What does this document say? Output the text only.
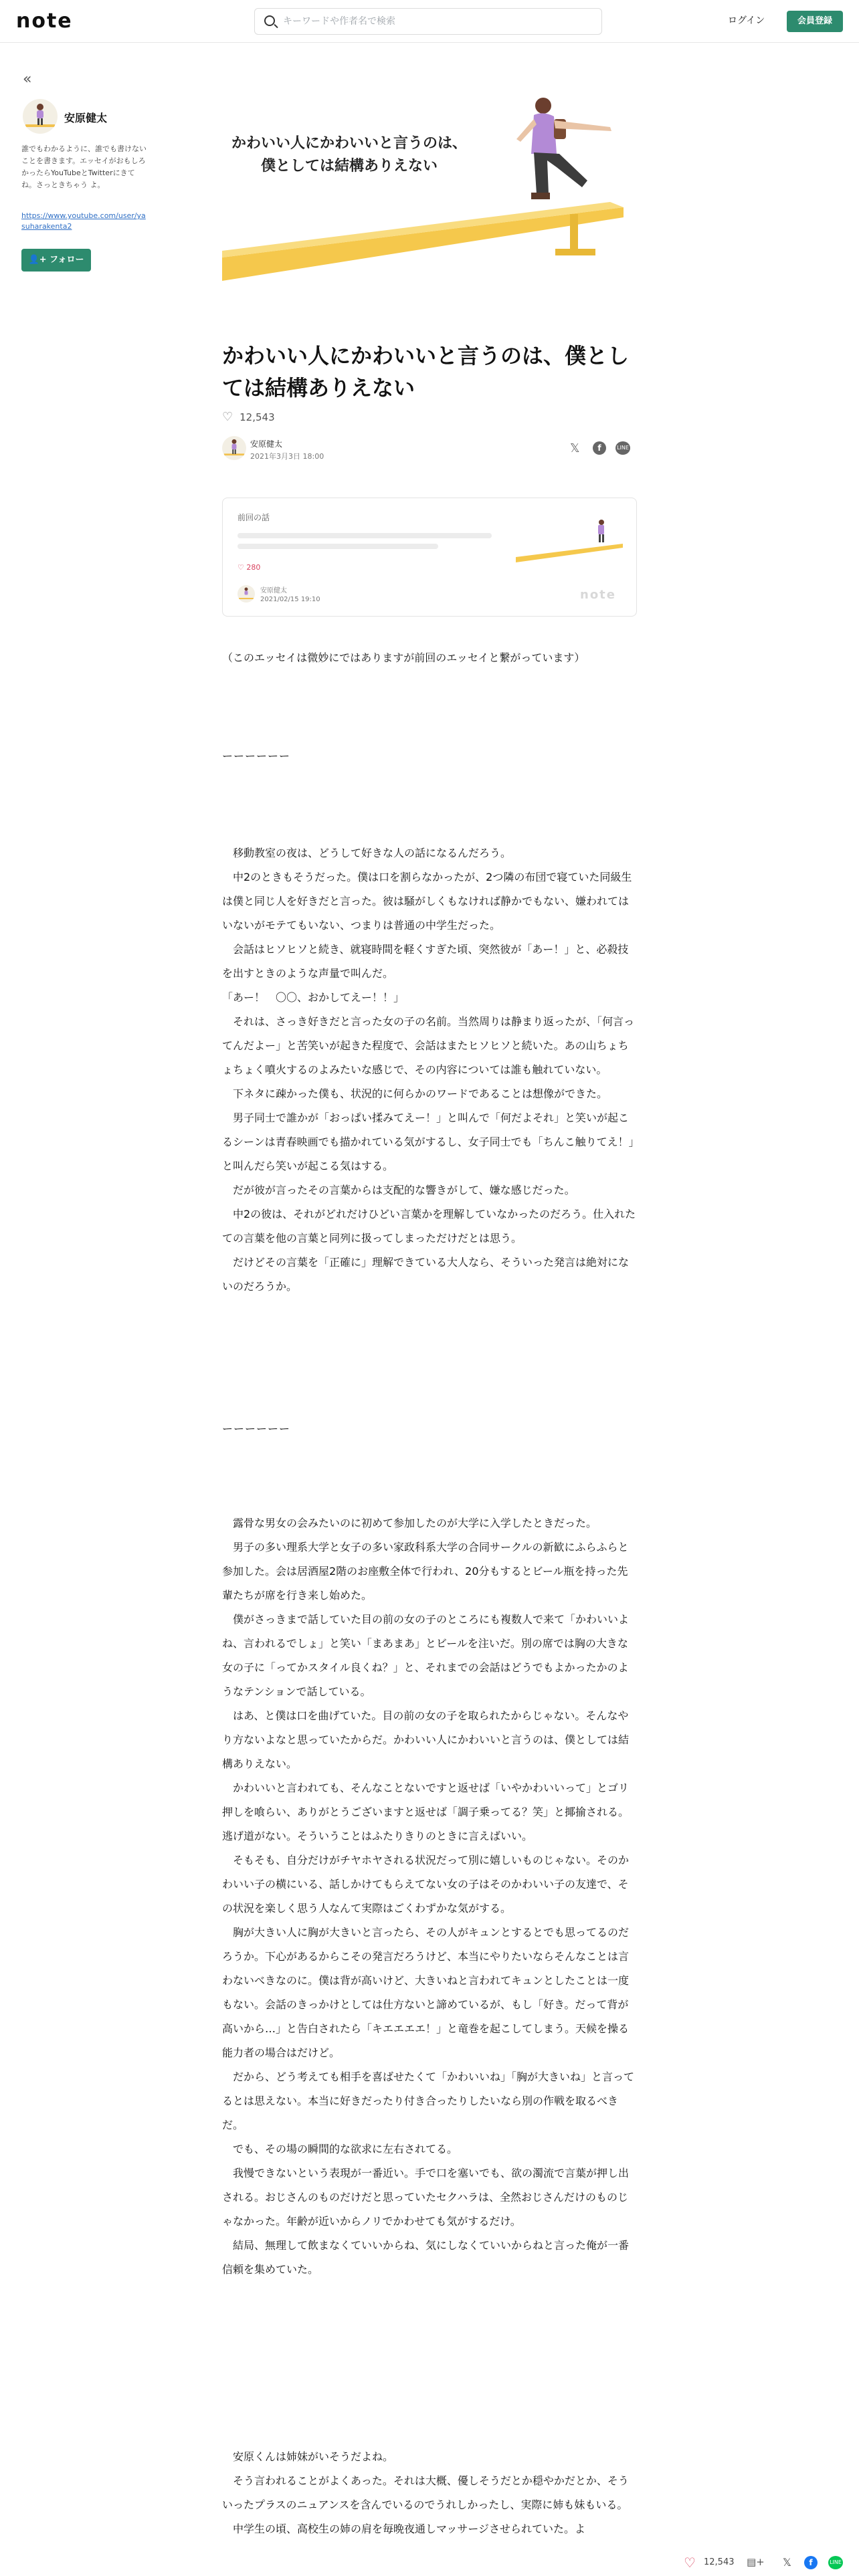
note
キーワードや作者名で検索	ログイン	会員登録
«
安原健太
誰でもわかるように、誰でも書けないことを書きます。エッセイがおもしろかったらYouTubeとTwitterにきてね。さっときちゃう よ。
https://www.youtube.com/user/yasuharakenta2
👤+ フォロー
かわいい人にかわいいと言うのは、
僕としては結構ありえない
かわいい人にかわいいと言うのは、僕としては結構ありえない
♡ 12,543
安原健太
2021年3月3日 18:00
𝕏	f	LINE
前回の話
♡ 280
安原健太
2021/02/15 19:10	note
（このエッセイは微妙にではありますが前回のエッセイと繋がっています）
ーーーーーー
　移動教室の夜は、どうして好きな人の話になるんだろう。
　中2のときもそうだった。僕は口を割らなかったが、2つ隣の布団で寝ていた同級生は僕と同じ人を好きだと言った。彼は騒がしくもなければ静かでもない、嫌われてはいないがモテてもいない、つまりは普通の中学生だった。
　会話はヒソヒソと続き、就寝時間を軽くすぎた頃、突然彼が「あー！」と、必殺技を出すときのような声量で叫んだ。
「あー！　〇〇、おかしてえー！！」
　それは、さっき好きだと言った女の子の名前。当然周りは静まり返ったが、「何言ってんだよー」と苦笑いが起きた程度で、会話はまたヒソヒソと続いた。あの山ちょちょちょく噴火するのよみたいな感じで、その内容については誰も触れていない。
　下ネタに疎かった僕も、状況的に何らかのワードであることは想像ができた。
　男子同士で誰かが「おっぱい揉みてえー！」と叫んで「何だよそれ」と笑いが起こるシーンは青春映画でも描かれている気がするし、女子同士でも「ちんこ触りてえ！」と叫んだら笑いが起こる気はする。
　だが彼が言ったその言葉からは支配的な響きがして、嫌な感じだった。
　中2の彼は、それがどれだけひどい言葉かを理解していなかったのだろう。仕入れたての言葉を他の言葉と同列に扱ってしまっただけだとは思う。
　だけどその言葉を「正確に」理解できている大人なら、そういった発言は絶対にないのだろうか。
ーーーーーー
　露骨な男女の会みたいのに初めて参加したのが大学に入学したときだった。
　男子の多い理系大学と女子の多い家政科系大学の合同サークルの新歓にふらふらと参加した。会は居酒屋2階のお座敷全体で行われ、20分もするとビール瓶を持った先輩たちが席を行き来し始めた。
　僕がさっきまで話していた目の前の女の子のところにも複数人で来て「かわいいよね、言われるでしょ」と笑い「まあまあ」とビールを注いだ。別の席では胸の大きな女の子に「ってかスタイル良くね？」と、それまでの会話はどうでもよかったかのようなテンションで話している。
　はあ、と僕は口を曲げていた。目の前の女の子を取られたからじゃない。そんなやり方ないよなと思っていたからだ。かわいい人にかわいいと言うのは、僕としては結構ありえない。
　かわいいと言われても、そんなことないですと返せば「いやかわいいって」とゴリ押しを喰らい、ありがとうございますと返せば「調子乗ってる？笑」と揶揄される。逃げ道がない。そういうことはふたりきりのときに言えばいい。
　そもそも、自分だけがチヤホヤされる状況だって別に嬉しいものじゃない。そのかわいい子の横にいる、話しかけてもらえてない女の子はそのかわいい子の友達で、その状況を楽しく思う人なんて実際はごくわずかな気がする。
　胸が大きい人に胸が大きいと言ったら、その人がキュンとするとでも思ってるのだろうか。下心があるからこその発言だろうけど、本当にやりたいならそんなことは言わないべきなのに。僕は背が高いけど、大きいねと言われてキュンとしたことは一度もない。会話のきっかけとしては仕方ないと諦めているが、もし「好き。だって背が高いから…」と告白されたら「キエエエエ！」と竜巻を起こしてしまう。天候を操る能力者の場合はだけど。
　だから、どう考えても相手を喜ばせたくて「かわいいね」「胸が大きいね」と言ってるとは思えない。本当に好きだったり付き合ったりしたいなら別の作戦を取るべきだ。
　でも、その場の瞬間的な欲求に左右されてる。
　我慢できないという表現が一番近い。手で口を塞いでも、欲の濁流で言葉が押し出される。おじさんのものだけだと思っていたセクハラは、全然おじさんだけのものじゃなかった。年齢が近いからノリでかわせても気がするだけ。
　結局、無理して飲まなくていいからね、気にしなくていいからねと言った俺が一番信頼を集めていた。
　安原くんは姉妹がいそうだよね。
　そう言われることがよくあった。それは大概、優しそうだとか穏やかだとか、そういったプラスのニュアンスを含んでいるのでうれしかったし、実際に姉も妹もいる。
　中学生の頃、高校生の姉の肩を毎晩夜通しマッサージさせられていた。よ
♡ 12,543 ▤+ 𝕏	f	LINE
